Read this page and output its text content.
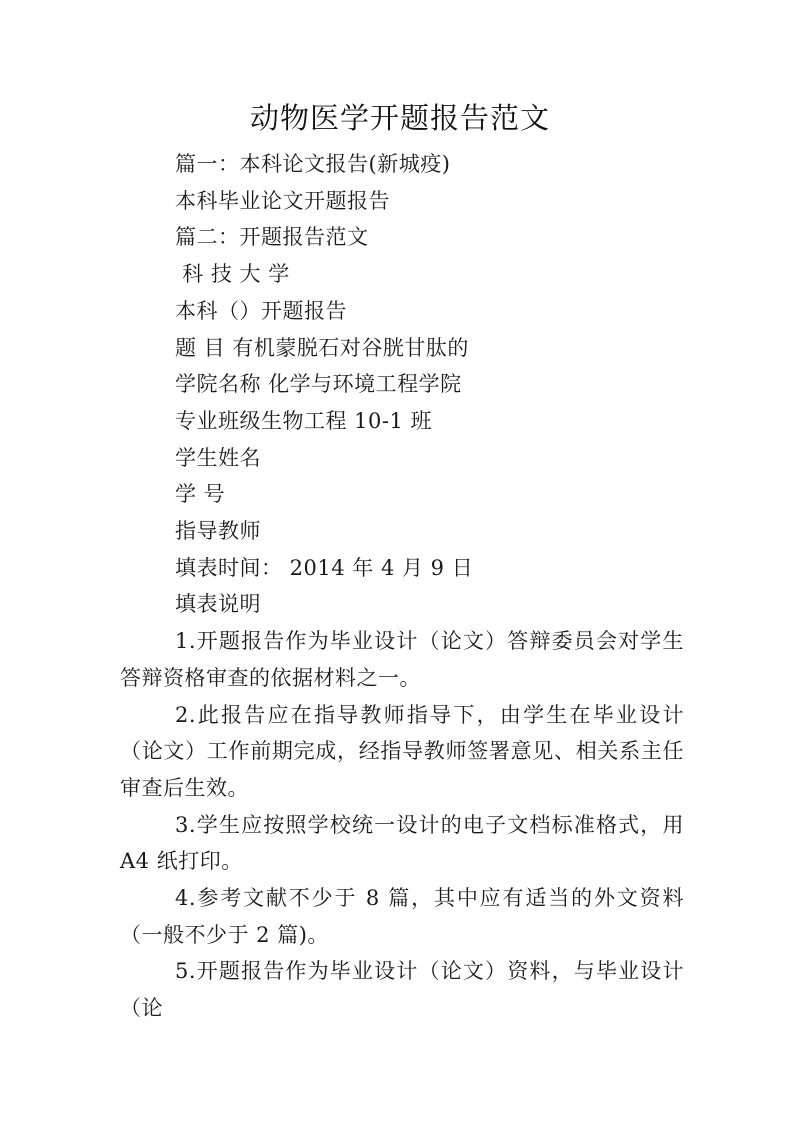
动物医学开题报告范文

篇一：本科论文报告(新城疫)

本科毕业论文开题报告

篇二：开题报告范文

科 技 大 学

本科（）开题报告

题 目 有机蒙脱石对谷胱甘肽的

学院名称 化学与环境工程学院

专业班级生物工程 10-1 班

学生姓名

学 号

指导教师

填表时间： 2014 年 4 月 9 日

填表说明

1.开题报告作为毕业设计（论文）答辩委员会对学生答辩资格审查的依据材料之一。

2.此报告应在指导教师指导下，由学生在毕业设计（论文）工作前期完成，经指导教师签署意见、相关系主任审查后生效。

3.学生应按照学校统一设计的电子文档标准格式，用 A4 纸打印。

4.参考文献不少于 8 篇，其中应有适当的外文资料（一般不少于 2 篇)。

5.开题报告作为毕业设计（论文）资料，与毕业设计（论
